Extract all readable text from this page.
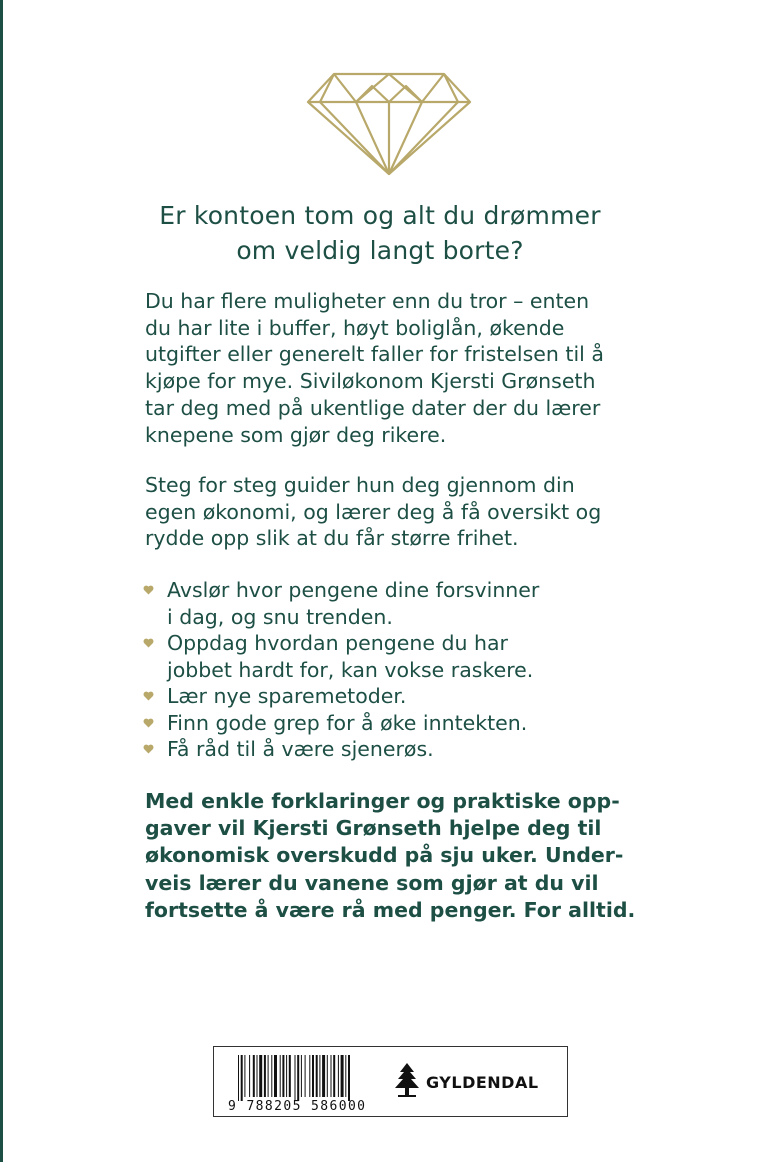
Er kontoen tom og alt du drømmer
om veldig langt borte?
Du har flere muligheter enn du tror – enten
du har lite i buffer, høyt boliglån, økende
utgifter eller generelt faller for fristelsen til å
kjøpe for mye. Siviløkonom Kjersti Grønseth
tar deg med på ukentlige dater der du lærer
knepene som gjør deg rikere.
Steg for steg guider hun deg gjennom din
egen økonomi, og lærer deg å få oversikt og
rydde opp slik at du får større frihet.
Avslør hvor pengene dine forsvinner
i dag, og snu trenden.
Oppdag hvordan pengene du har
jobbet hardt for, kan vokse raskere.
Lær nye sparemetoder.
Finn gode grep for å øke inntekten.
Få råd til å være sjenerøs.
Med enkle forklaringer og praktiske opp-
gaver vil Kjersti Grønseth hjelpe deg til
økonomisk overskudd på sju uker. Under-
veis lærer du vanene som gjør at du vil
fortsette å være rå med penger. For alltid.
9 788205 586000
GYLDENDAL
